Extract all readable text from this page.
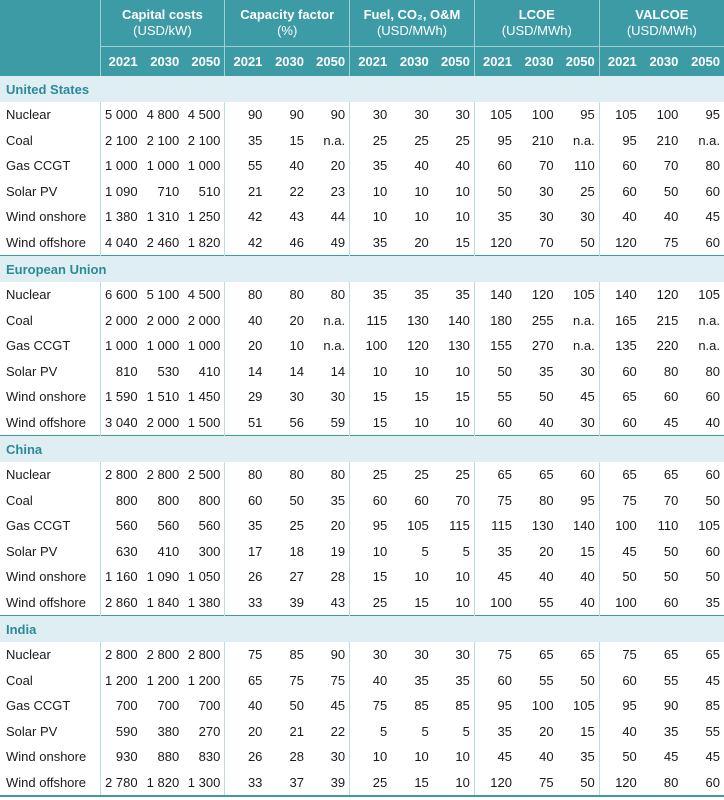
	Capital costs
(USD/kW)			Capacity factor
(%)			Fuel, CO₂, O&M
(USD/MWh)			LCOE
(USD/MWh)			VALCOE
(USD/MWh)		

	2021	2030	2050	2021	2030	2050	2021	2030	2050	2021	2030	2050	2021	2030	2050
United States															
Nuclear	5 000	4 800	4 500	90	90	90	30	30	30	105	100	95	105	100	95
Coal	2 100	2 100	2 100	35	15	n.a.	25	25	25	95	210	n.a.	95	210	n.a.
Gas CCGT	1 000	1 000	1 000	55	40	20	35	40	40	60	70	110	60	70	80
Solar PV	1 090	710	510	21	22	23	10	10	10	50	30	25	60	50	60
Wind onshore	1 380	1 310	1 250	42	43	44	10	10	10	35	30	30	40	40	45
Wind offshore	4 040	2 460	1 820	42	46	49	35	20	15	120	70	50	120	75	60
European Union															
Nuclear	6 600	5 100	4 500	80	80	80	35	35	35	140	120	105	140	120	105
Coal	2 000	2 000	2 000	40	20	n.a.	115	130	140	180	255	n.a.	165	215	n.a.
Gas CCGT	1 000	1 000	1 000	20	10	n.a.	100	120	130	155	270	n.a.	135	220	n.a.
Solar PV	810	530	410	14	14	14	10	10	10	50	35	30	60	80	80
Wind onshore	1 590	1 510	1 450	29	30	30	15	15	15	55	50	45	65	60	60
Wind offshore	3 040	2 000	1 500	51	56	59	15	10	10	60	40	30	60	45	40
China															
Nuclear	2 800	2 800	2 500	80	80	80	25	25	25	65	65	60	65	65	60
Coal	800	800	800	60	50	35	60	60	70	75	80	95	75	70	50
Gas CCGT	560	560	560	35	25	20	95	105	115	115	130	140	100	110	105
Solar PV	630	410	300	17	18	19	10	5	5	35	20	15	45	50	60
Wind onshore	1 160	1 090	1 050	26	27	28	15	10	10	45	40	40	50	50	50
Wind offshore	2 860	1 840	1 380	33	39	43	25	15	10	100	55	40	100	60	35
India															
Nuclear	2 800	2 800	2 800	75	85	90	30	30	30	75	65	65	75	65	65
Coal	1 200	1 200	1 200	65	75	75	40	35	35	60	55	50	60	55	45
Gas CCGT	700	700	700	40	50	45	75	85	85	95	100	105	95	90	85
Solar PV	590	380	270	20	21	22	5	5	5	35	20	15	40	35	55
Wind onshore	930	880	830	26	28	30	10	10	10	45	40	35	50	45	45
Wind offshore	2 780	1 820	1 300	33	37	39	25	15	10	120	75	50	120	80	60
